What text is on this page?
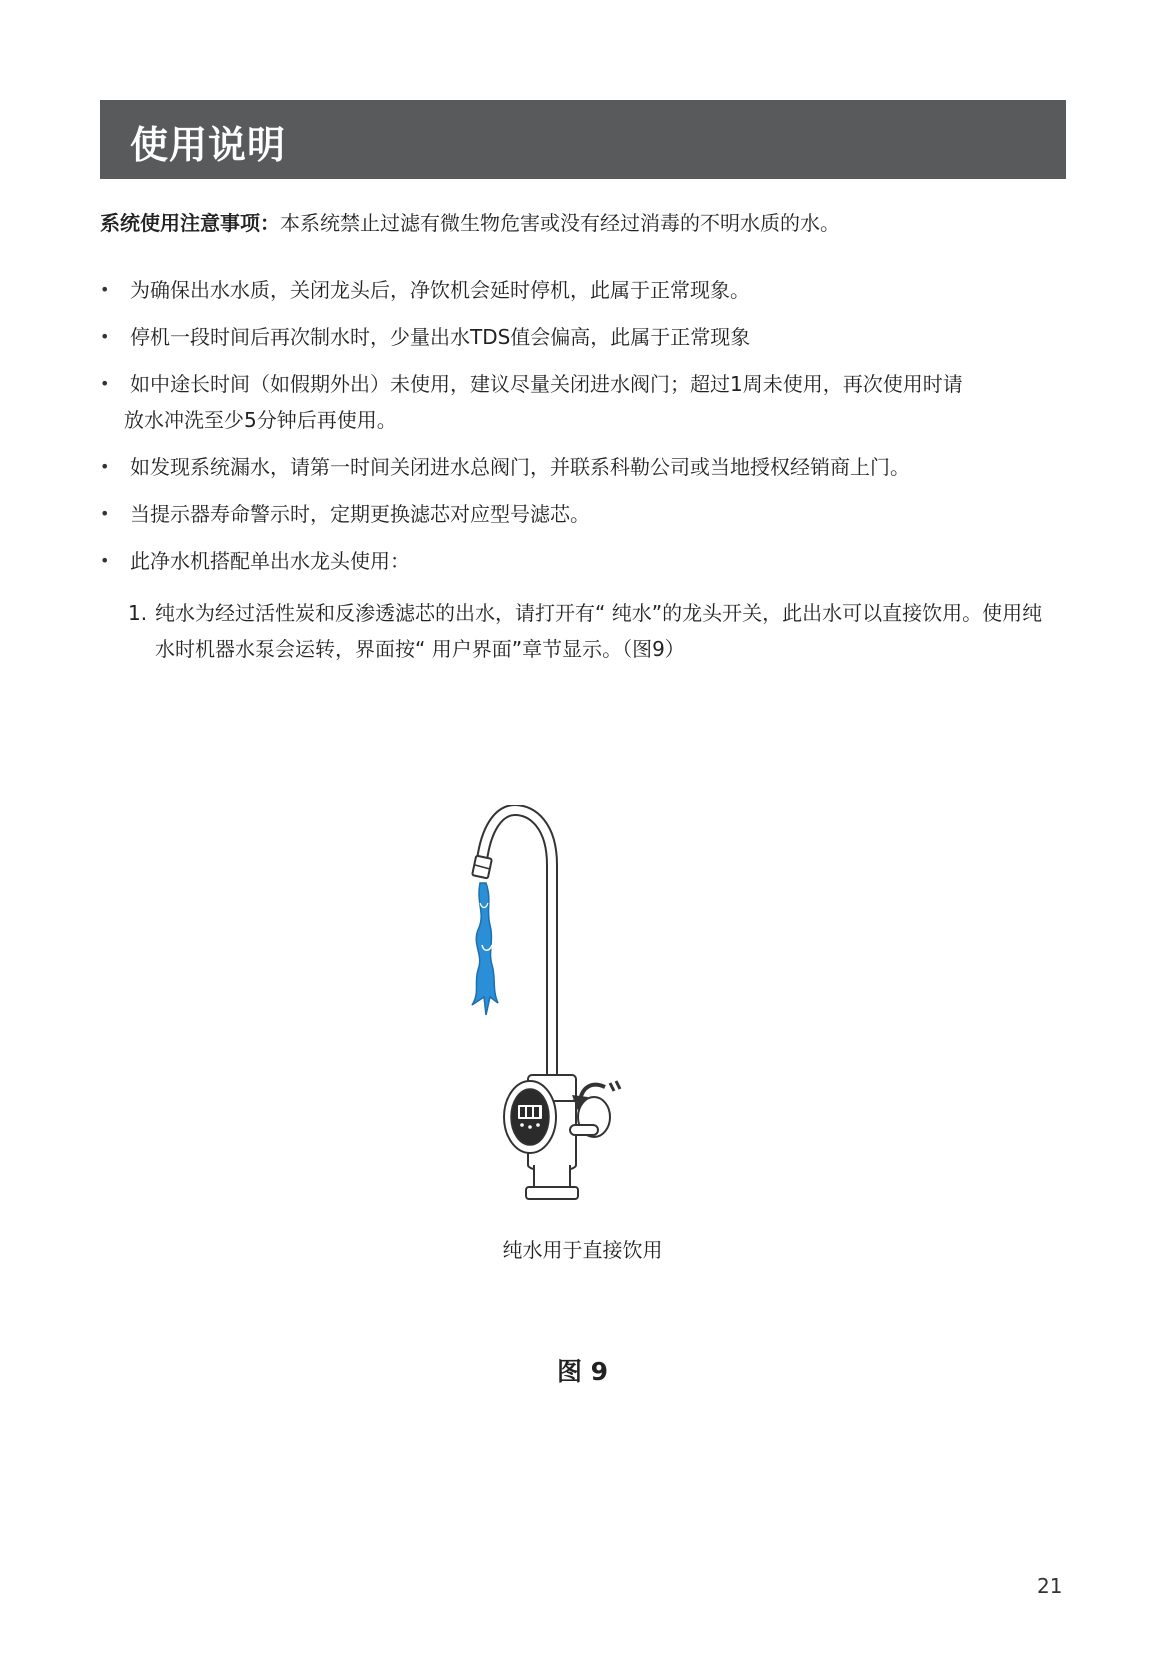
使用说明
系统使用注意事项：本系统禁止过滤有微生物危害或没有经过消毒的不明水质的水。
• 为确保出水水质，关闭龙头后，净饮机会延时停机，此属于正常现象。
• 停机一段时间后再次制水时，少量出水TDS值会偏高，此属于正常现象
• 如中途长时间（如假期外出）未使用，建议尽量关闭进水阀门；超过1周未使用，再次使用时请
放水冲洗至少5分钟后再使用。
• 如发现系统漏水，请第一时间关闭进水总阀门，并联系科勒公司或当地授权经销商上门。
• 当提示器寿命警示时，定期更换滤芯对应型号滤芯。
• 此净水机搭配单出水龙头使用：
1. 纯水为经过活性炭和反渗透滤芯的出水，请打开有“ 纯水”的龙头开关，此出水可以直接饮用。使用纯水时机器水泵会运转，界面按“ 用户界面”章节显示。（图9）
纯水用于直接饮用
图 9
21
